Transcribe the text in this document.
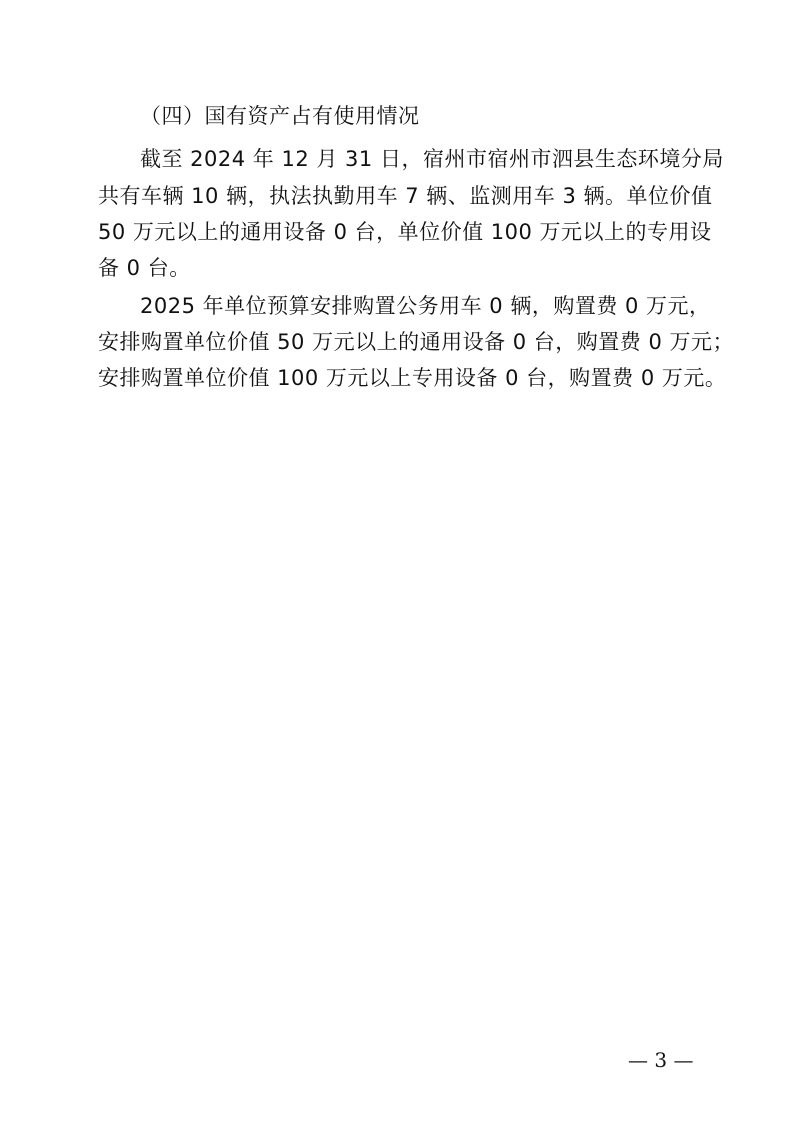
（四）国有资产占有使用情况
截至 2024 年 12 月 31 日，宿州市宿州市泗县生态环境分局
共有车辆 10 辆，执法执勤用车 7 辆、监测用车 3 辆。单位价值
50 万元以上的通用设备 0 台，单位价值 100 万元以上的专用设
备 0 台。
2025 年单位预算安排购置公务用车 0 辆，购置费 0 万元，
安排购置单位价值 50 万元以上的通用设备 0 台，购置费 0 万元；
安排购置单位价值 100 万元以上专用设备 0 台，购置费 0 万元。
— 3 —
